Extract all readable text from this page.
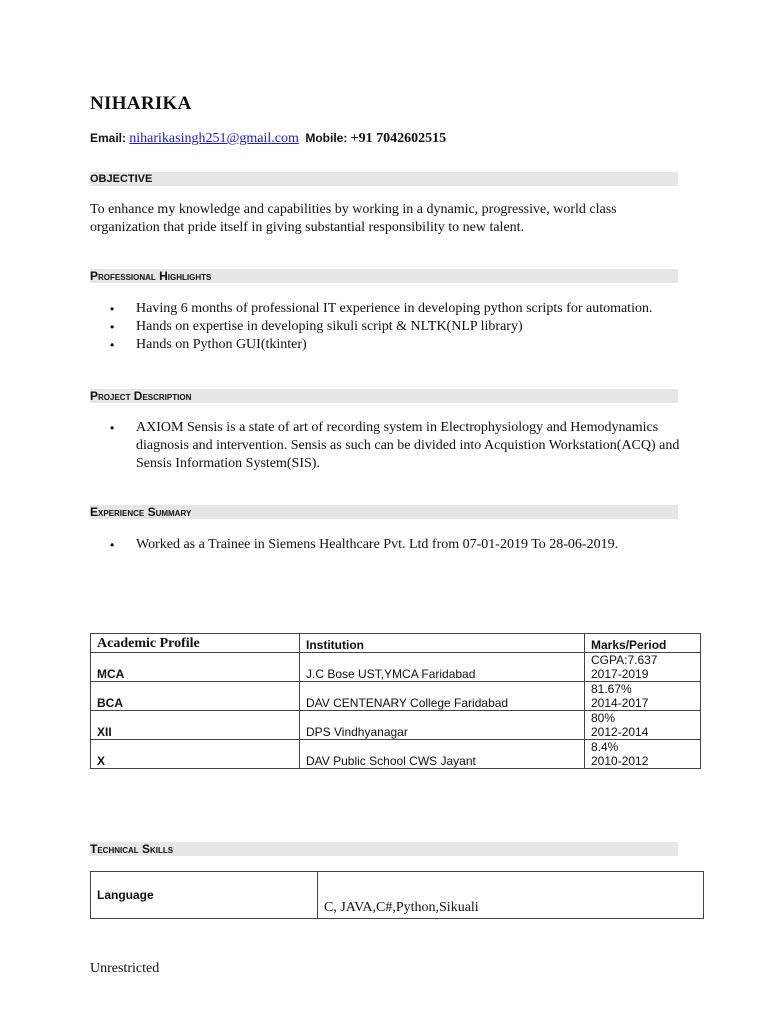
NIHARIKA
Email: niharikasingh251@gmail.com Mobile: +91 7042602515
OBJECTIVE
To enhance my knowledge and capabilities by working in a dynamic, progressive, world class organization that pride itself in giving substantial responsibility to new talent.
Professional Highlights
• Having 6 months of professional IT experience in developing python scripts for automation.
• Hands on expertise in developing sikuli script & NLTK(NLP library)
• Hands on Python GUI(tkinter)
Project Description
• AXIOM Sensis is a state of art of recording system in Electrophysiology and Hemodynamics diagnosis and intervention. Sensis as such can be divided into Acquistion Workstation(ACQ) and Sensis Information System(SIS).
Experience Summary
• Worked as a Trainee in Siemens Healthcare Pvt. Ltd from 07-01-2019 To 28-06-2019.
Academic Profile	Institution	Marks/Period
MCA	J.C Bose UST,YMCA Faridabad	CGPA:7.637
2017-2019

BCA	DAV CENTENARY College Faridabad	81.67%
2014-2017

XII	DPS Vindhyanagar	80%
2012-2014

X	DAV Public School CWS Jayant	8.4%
2010-2012
Technical Skills
Language	C, JAVA,C#,Python,Sikuali
Unrestricted
